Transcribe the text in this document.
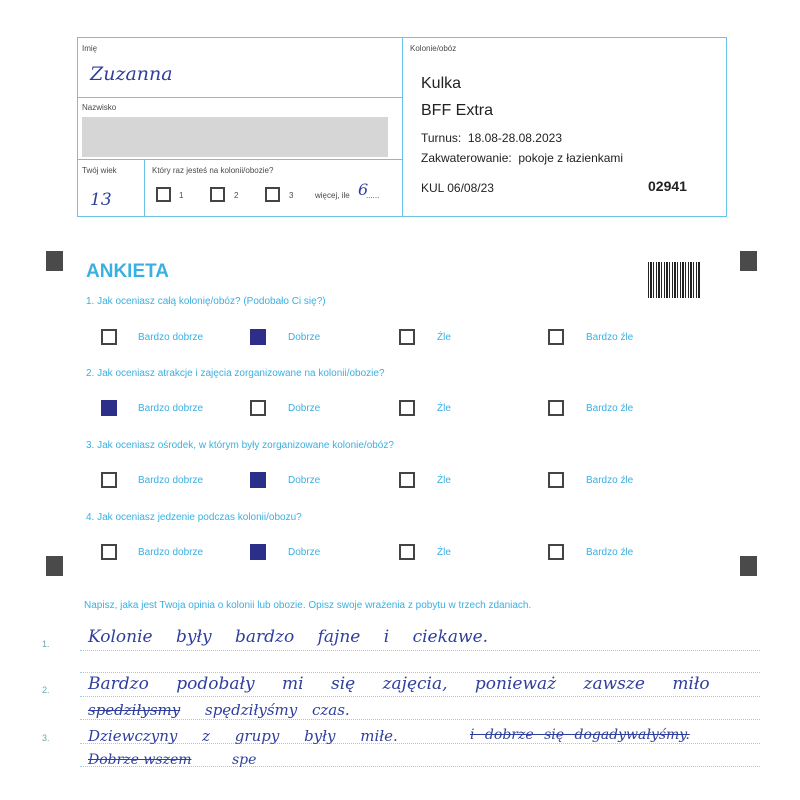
Imię
Zuzanna
Nazwisko
Twój wiek
13
Który raz jesteś na kolonii/obozie?
1	2	3	więcej, ile 6
......
Kolonie/obóz
Kulka
BFF Extra
Turnus:  18.08-28.08.2023
Zakwaterowanie:  pokoje z łazienkami
KUL 06/08/23	02941
ANKIETA
1. Jak oceniasz całą kolonię/obóz? (Podobało Ci się?)
2. Jak oceniasz atrakcje i zajęcia zorganizowane na kolonii/obozie?
3. Jak oceniasz ośrodek, w którym były zorganizowane kolonie/obóz?
4. Jak oceniasz jedzenie podczas kolonii/obozu?
Bardzo dobrze	Dobrze	Źle	Bardzo źle
Bardzo dobrze	Dobrze	Źle	Bardzo źle
Bardzo dobrze	Dobrze	Źle	Bardzo źle
Bardzo dobrze	Dobrze	Źle	Bardzo źle
Napisz, jaka jest Twoja opinia o kolonii lub obozie. Opisz swoje wrażenia z pobytu w trzech zdaniach.
1.
2.
3.
Kolonie były bardzo fajne i ciekawe.
Bardzo podobały mi się zajęcia, ponieważ zawsze miło
spedziłysmy spędziłyśmy czas.
Dziewczyny z grupy były miłe.	i dobrze się dogadywałyśmy.
Dobrze wszem	spe
